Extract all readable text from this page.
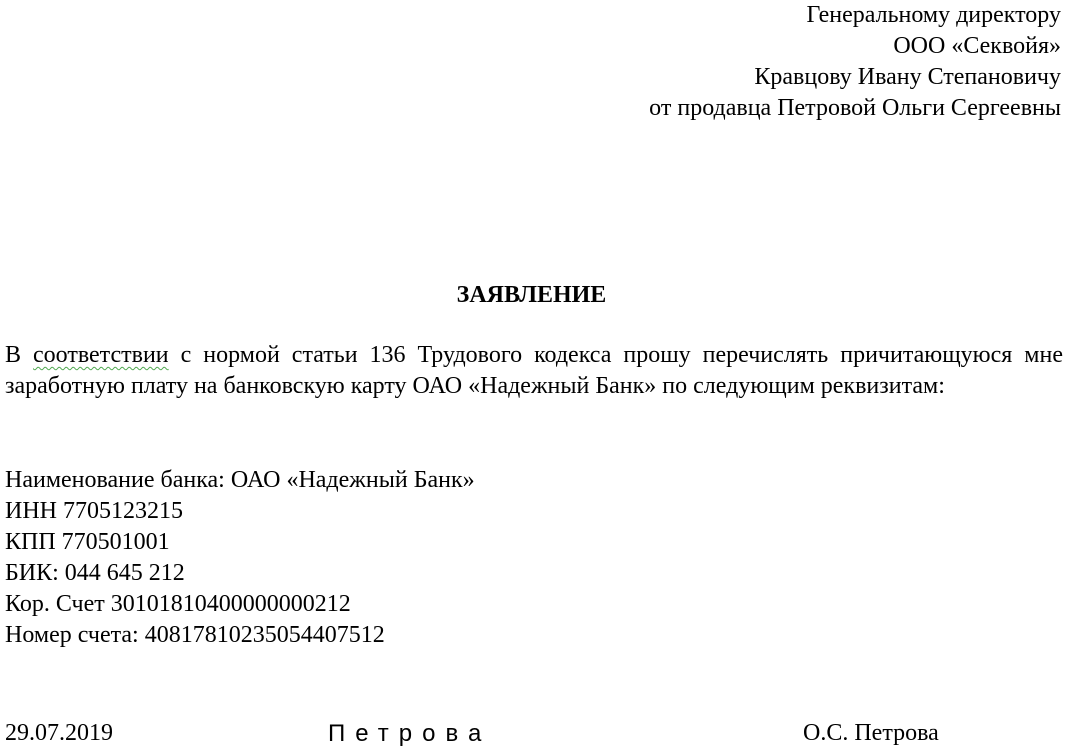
Генеральному директору
ООО «Секвойя»
Кравцову Ивану Степановичу
от продавца Петровой Ольги Сергеевны
ЗАЯВЛЕНИЕ
В соответствии с нормой статьи 136 Трудового кодекса прошу перечислять причитающуюся мне заработную плату на банковскую карту ОАО «Надежный Банк» по следующим реквизитам:
Наименование банка: ОАО «Надежный Банк»
ИНН 7705123215
КПП 770501001
БИК: 044 645 212
Кор. Счет 30101810400000000212
Номер счета: 40817810235054407512
29.07.2019	Петрова	О.С. Петрова
